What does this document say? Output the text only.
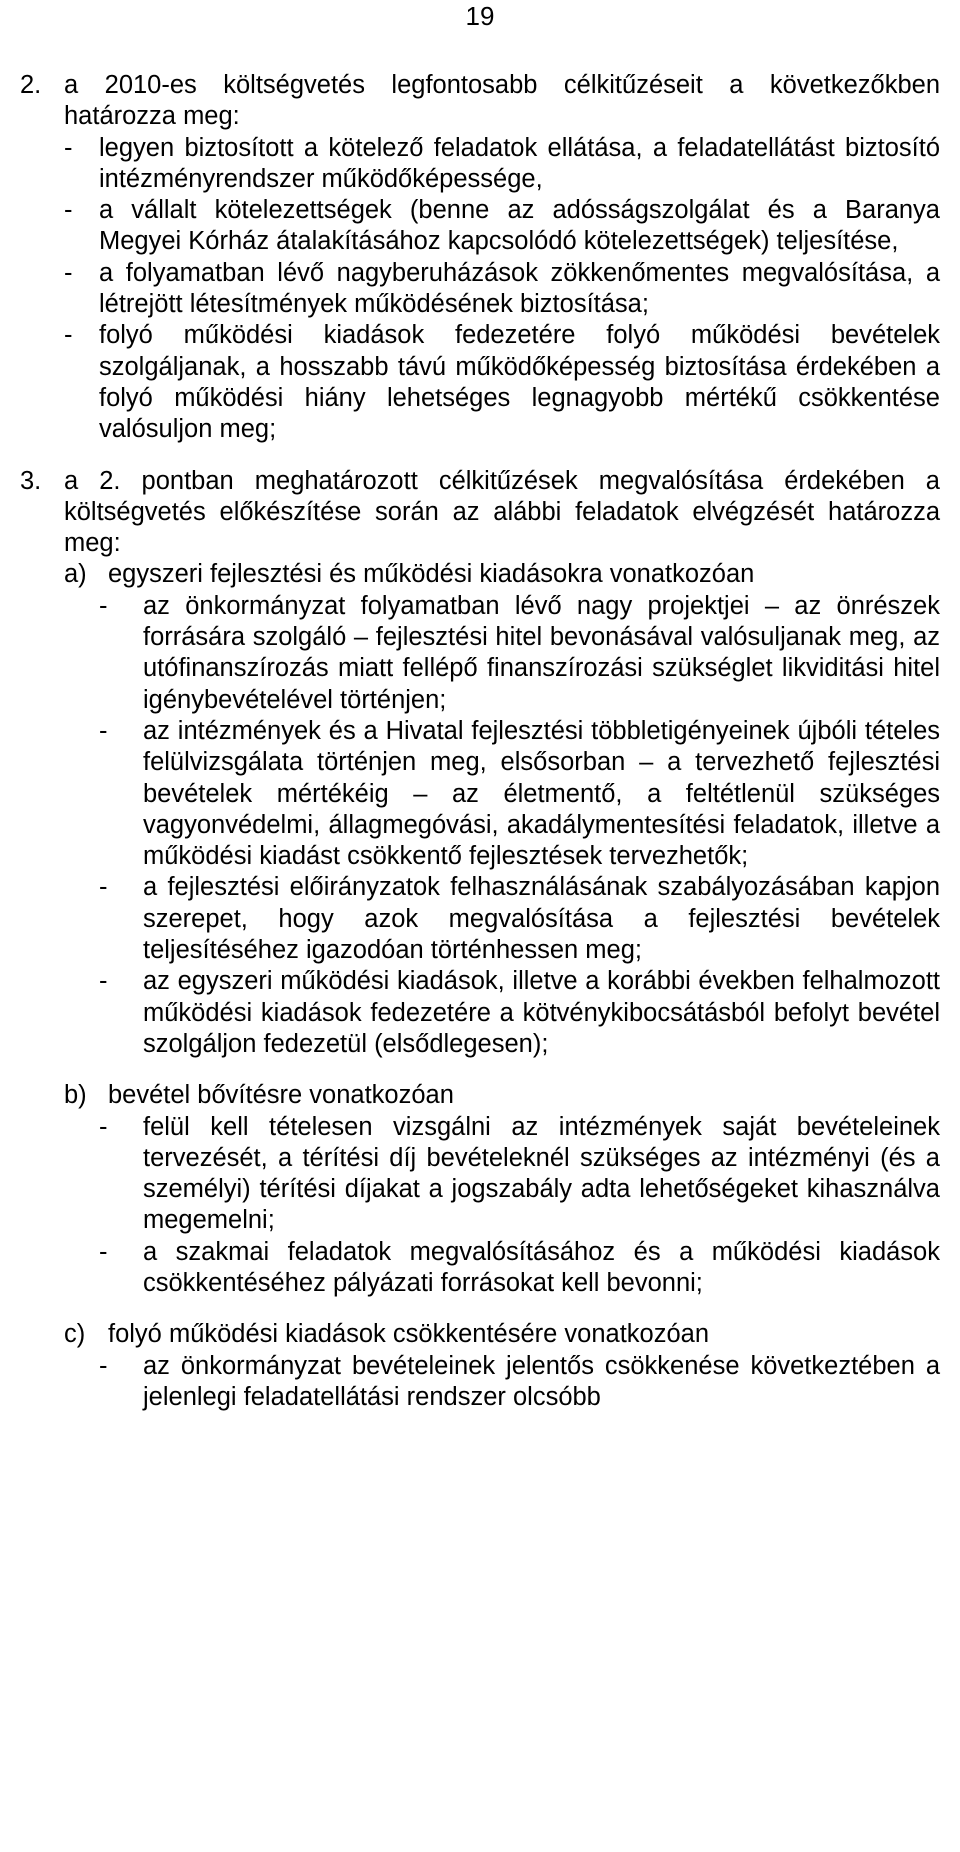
19
2. a 2010-es költségvetés legfontosabb célkitűzéseit a következőkben határozza meg:

- legyen biztosított a kötelező feladatok ellátása, a feladatellátást biztosító intézményrendszer működőképessége,
- a vállalt kötelezettségek (benne az adósságszolgálat és a Baranya Megyei Kórház átalakításához kapcsolódó kötelezettségek) teljesítése,
- a folyamatban lévő nagyberuházások zökkenőmentes megvalósítása, a létrejött létesítmények működésének biztosítása;
- folyó működési kiadások fedezetére folyó működési bevételek szolgáljanak, a hosszabb távú működőképesség biztosítása érdekében a folyó működési hiány lehetséges legnagyobb mértékű csökkentése valósuljon meg;
3. a 2. pontban meghatározott célkitűzések megvalósítása érdekében a költségvetés előkészítése során az alábbi feladatok elvégzését határozza meg:

a) egyszeri fejlesztési és működési kiadásokra vonatkozóan
- az önkormányzat folyamatban lévő nagy projektjei – az önrészek forrására szolgáló – fejlesztési hitel bevonásával valósuljanak meg, az utófinanszírozás miatt fellépő finanszírozási szükséglet likviditási hitel igénybevételével történjen;
- az intézmények és a Hivatal fejlesztési többletigényeinek újbóli tételes felülvizsgálata történjen meg, elsősorban – a tervezhető fejlesztési bevételek mértékéig – az életmentő, a feltétlenül szükséges vagyonvédelmi, állagmegóvási, akadálymentesítési feladatok, illetve a működési kiadást csökkentő fejlesztések tervezhetők;
- a fejlesztési előirányzatok felhasználásának szabályozásában kapjon szerepet, hogy azok megvalósítása a fejlesztési bevételek teljesítéséhez igazodóan történhessen meg;
- az egyszeri működési kiadások, illetve a korábbi években felhalmozott működési kiadások fedezetére a kötvénykibocsátásból befolyt bevétel szolgáljon fedezetül (elsődlegesen);
b) bevétel bővítésre vonatkozóan
- felül kell tételesen vizsgálni az intézmények saját bevételeinek tervezését, a térítési díj bevételeknél szükséges az intézményi (és a személyi) térítési díjakat a jogszabály adta lehetőségeket kihasználva megemelni;
- a szakmai feladatok megvalósításához és a működési kiadások csökkentéséhez pályázati forrásokat kell bevonni;
c) folyó működési kiadások csökkentésére vonatkozóan
- az önkormányzat bevételeinek jelentős csökkenése következtében a jelenlegi feladatellátási rendszer olcsóbb
